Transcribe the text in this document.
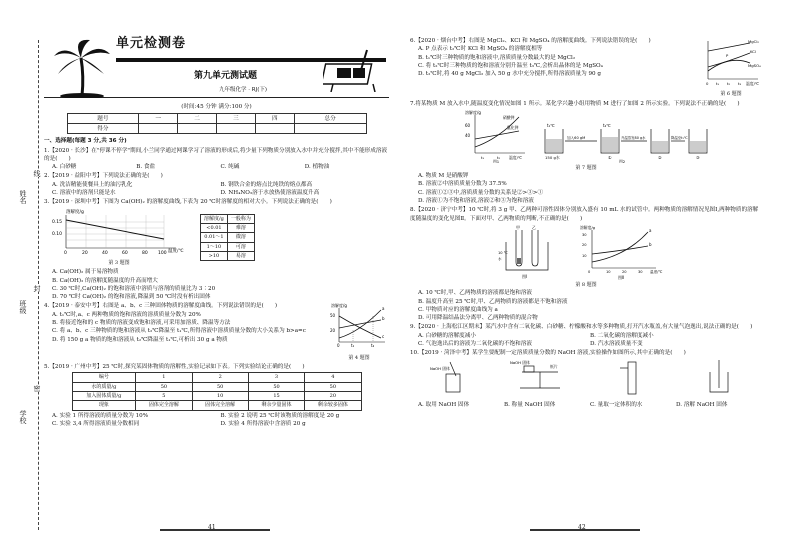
姓名
班级
学校
线
封
密
单元检测卷
第九单元测试题
九年级化学 · RJ(下)
(时间:45 分钟 满分:100 分)
题号	一	二	三	四	总分
得分					
一、选择题(每题 3 分,共 36 分)
1.【2020 · 长沙】在"停课不停学"期间,小兰同学通过网课学习了溶液的形成后,将少量下列物质分别放入水中并充分搅拌,其中不能形成溶液的是(　　)
A. 白砂糖	B. 食盐	C. 纯碱	D. 植物油
2.【2019 · 益阳中考】下列说法正确的是(　　)
A. 洗洁精能使餐具上的油污乳化	B. 钢铁合金的熔点比纯铁的熔点都高
C. 溶液中的溶剂只能是水	D. NH₄NO₃溶于水放热使溶液温度升高
3.【2019 · 深圳中考】下图为 Ca(OH)₂ 的溶解度曲线,下表为 20 ℃时溶解度的相对大小。下列说法正确的是(　　)
溶解度/g
0.15
0.10
0	20	40	60	80 100 温度/℃
第 3 题图
溶解度/g	一般称为
<0.01	难溶
0.01～1	微溶
1～10	可溶
>10	易溶
A. Ca(OH)₂ 属于易溶物质
B. Ca(OH)₂ 的溶解度随温度的升高而增大
C. 30 ℃时,Ca(OH)₂ 的饱和溶液中溶质与溶剂的质量比为 3∶20
D. 70 ℃时 Ca(OH)₂ 的饱和溶液,降温到 50 ℃时没有析出固体
4.【2019 · 泰安中考】右图是 a、b、c 三种固体物质的溶解度曲线。下列说法错误的是(　　)
A. t₁℃时,a、c 两种物质的饱和溶液的溶质质量分数为 20%
B. 将接近饱和的 c 物质的溶液变成饱和溶液,可采用加溶质、降温等方法
C. 将 a、b、c 三种物质的饱和溶液从 t₂℃降温至 t₁℃,所得溶液中溶质质量分数的大小关系为 b>a=c
D. 将 150 g a 物质的饱和溶液从 t₂℃降温至 t₁℃,可析出 30 g a 物质
溶解度/g
50
20
a
b
c
0	t₁	t₂
第 4 题图
5.【2019 · 广州中考】25 ℃时,探究某固体物质的溶解性,实验记录如下表。下列实验结论正确的是(　　)
编号	1	2	3	4
水的质量/g	50	50	50	50
加入固体质量/g	5	10	15	20
现象	固体完全溶解	固体完全溶解	剩余少量固体	剩余较多固体
A. 实验 1 所得溶液的质量分数为 10%	B. 实验 2 说明 25 ℃时该物质的溶解度是 20 g
C. 实验 3,4 所得溶液质量分数相同	D. 实验 4 所得溶液中含溶质 20 g
6.【2020 · 烟台中考】右图是 MgCl₂、KCl 和 MgSO₄ 的溶解度曲线。下列说法错误的是(　　)
A. P 点表示 t₂℃时 KCl 和 MgSO₄ 的溶解度相等
B. t₁℃时三种物质的饱和溶液中,溶质质量分数最大的是 MgCl₂
C. 将 t₂℃时三种物质的饱和溶液分别升温至 t₃℃,会析出晶体的是 MgSO₄
D. t₂℃时,将 40 g MgCl₂ 加入 50 g 水中充分搅拌,所得溶液质量为 90 g
MgCl₂
KCl
MgSO₄
P
0 t₁ t₂ t₃ 温度/℃
第 6 题图
7.将某物质 M 放入水中,随温度变化情况如图 1 所示。某化学兴趣小组用物质 M 进行了如图 2 所示实验。下列说法不正确的是(　　)
溶解度/g
60
40
氯化钾
硝酸钾
t₁	t₂ 温度/℃
图1
t₁℃
加入60 gM
t₂℃
升温蒸发80 g水	降温至t₁℃
150 g水	①	②	③
图2
第 7 题图
A. 物质 M 是硝酸钾
B. 溶液②中溶质质量分数为 37.5%
C. 溶液①②③中,溶质质量分数的关系是②>③>①
D. 溶液①为不饱和溶液,溶液②和③为饱和溶液
8.【2020 · 济宁中考】10 ℃时,将 3 g 甲、乙两种可溶性固体分别放入盛有 10 mL 水的试管中。两种物质的溶解情况见图Ⅰ,两种物质的溶解度随温度的变化见图Ⅱ。下面对甲、乙两物质的判断,不正确的是(　　)
甲	乙
10 ℃
水
图Ⅰ
溶解度/g
30
20
10
0	10	20	30 温度/℃
a
b
图Ⅱ
第 8 题图
A. 10 ℃时,甲、乙两物质的溶液都是饱和溶液
B. 温度升高至 25 ℃时,甲、乙两物质的溶液都是不饱和溶液
C. 甲物质对应的溶解度曲线为 a
D. 可用降温结晶法分离甲、乙两种物质的混合物
9.【2020 · 上海松江区期末】某汽水中含有二氧化碳、白砂糖、柠檬酸和水等多种物质,打开汽水瓶盖,有大量气泡逸出,说法正确的是(　　)
A. 白砂糖的溶解度减小	B. 二氧化碳的溶解度减小
C. 气泡逸出后的溶液为二氧化碳的不饱和溶液	D. 汽水溶液质量不变
10.【2019 · 菏泽中考】某学生要配制一定溶质质量分数的 NaOH 溶液,实验操作如图所示,其中正确的是(　　)
NaOH 固体
NaOH 固体
纸片
A. 取用 NaOH 固体	B. 称量 NaOH 固体	C. 量取一定体积的水	D. 溶解 NaOH 固体
41	42
